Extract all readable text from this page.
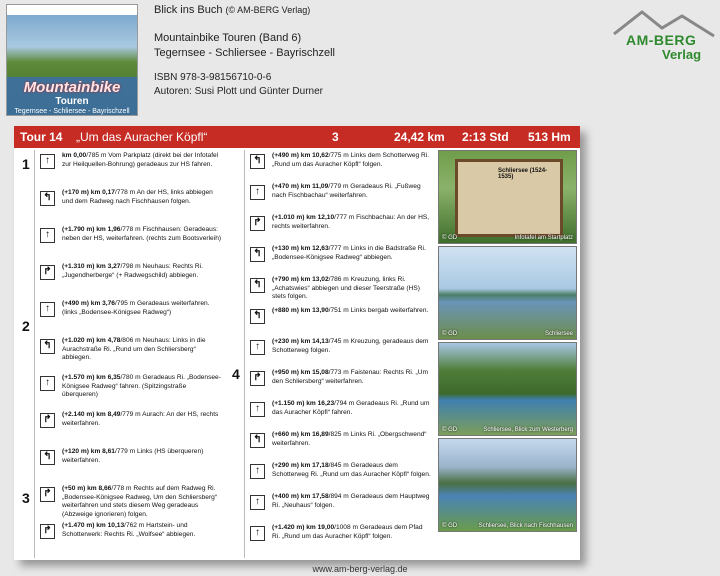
Mountainbike
Touren
Tegernsee - Schliersee - Bayrischzell
Blick ins Buch (© AM-BERG Verlag)
Mountainbike Touren (Band 6)
Tegernsee - Schliersee - Bayrischzell
ISBN 978-3-98156710-0-6
Autoren: Susi Plott und Günter Durner
AM-BERG
Verlag
Tour 14 „Um das Auracher Köpfl“	3	24,42 km 2:13 Std 513 Hm
1
2
3
4
↑	km 0,00/785 m Vom Parkplatz (direkt bei der Infotafel zur Heilquellen-Bohrung) geradeaus zur HS fahren.
↰	(+170 m) km 0,17/778 m An der HS, links abbiegen und dem Radweg nach Fischhausen folgen.
↑	(+1.790 m) km 1,96/778 m Fischhausen: Geradeaus: neben der HS, weiterfahren. (rechts zum Bootsverleih)
↱	(+1.310 m) km 3,27/798 m Neuhaus: Rechts Ri. „Jugendherberge“ (+ Radwegschild) abbiegen.
↑	(+490 m) km 3,76/795 m Geradeaus weiterfahren. (links „Bodensee-Königsee Radweg“)
↰	(+1.020 m) km 4,78/806 m Neuhaus: Links in die Aurachstraße Ri. „Rund um den Schliersberg“ abbiegen.
↑	(+1.570 m) km 6,35/780 m Geradeaus Ri. „Bodensee-Königsee Radweg“ fahren. (Spitzingstraße überqueren)
↱	(+2.140 m) km 8,49/779 m Aurach: An der HS, rechts weiterfahren.
↰	(+120 m) km 8,61/779 m Links (HS überqueren) weiterfahren.
↱	(+50 m) km 8,66/778 m Rechts auf dem Radweg Ri. „Bodensee-Königsee Radweg, Um den Schliersberg“ weiterfahren und stets diesem Weg geradeaus (Abzweige ignorieren) folgen.
↱	(+1.470 m) km 10,13/762 m Hartstein- und Schotterwerk: Rechts Ri. „Wolfsee“ abbiegen.
↰	(+490 m) km 10,62/775 m Links dem Schotterweg Ri. „Rund um das Auracher Köpfl“ folgen.
↑	(+470 m) km 11,09/779 m Geradeaus Ri. „Fußweg nach Fischbachau“ weiterfahren.
↱	(+1.010 m) km 12,10/777 m Fischbachau: An der HS, rechts weiterfahren.
↰	(+130 m) km 12,63/777 m Links in die Badstraße Ri. „Bodensee-Königsee Radweg“ abbiegen.
↰	(+790 m) km 13,02/786 m Kreuzung, links Ri. „Achatswies“ abbiegen und dieser Teerstraße (HS) stets folgen.
↰	(+880 m) km 13,90/751 m Links bergab weiterfahren.
↑	(+230 m) km 14,13/745 m Kreuzung, geradeaus dem Schotterweg folgen.
↱	(+950 m) km 15,08/773 m Faistenau: Rechts Ri. „Um den Schliersberg“ weiterfahren.
↑	(+1.150 m) km 16,23/794 m Geradeaus Ri. „Rund um das Auracher Köpfl“ fahren.
↰	(+660 m) km 16,89/825 m Links Ri. „Obergschwend“ weiterfahren.
↑	(+290 m) km 17,18/845 m Geradeaus dem Schotterweg Ri. „Rund um das Auracher Köpfl“ folgen.
↑	(+400 m) km 17,58/894 m Geradeaus dem Hauptweg Ri. „Neuhaus“ folgen.
↑	(+1.420 m) km 19,00/1008 m Geradeaus dem Pfad Ri. „Rund um das Auracher Köpfl“ folgen.
Schliersee (1524-1535)
© GD	Infotafel am Startplatz
© GD	Schliersee
© GD	Schliersee, Blick zum Westerberg
© GD	Schliersee, Blick nach Fischhausen
www.am-berg-verlag.de
